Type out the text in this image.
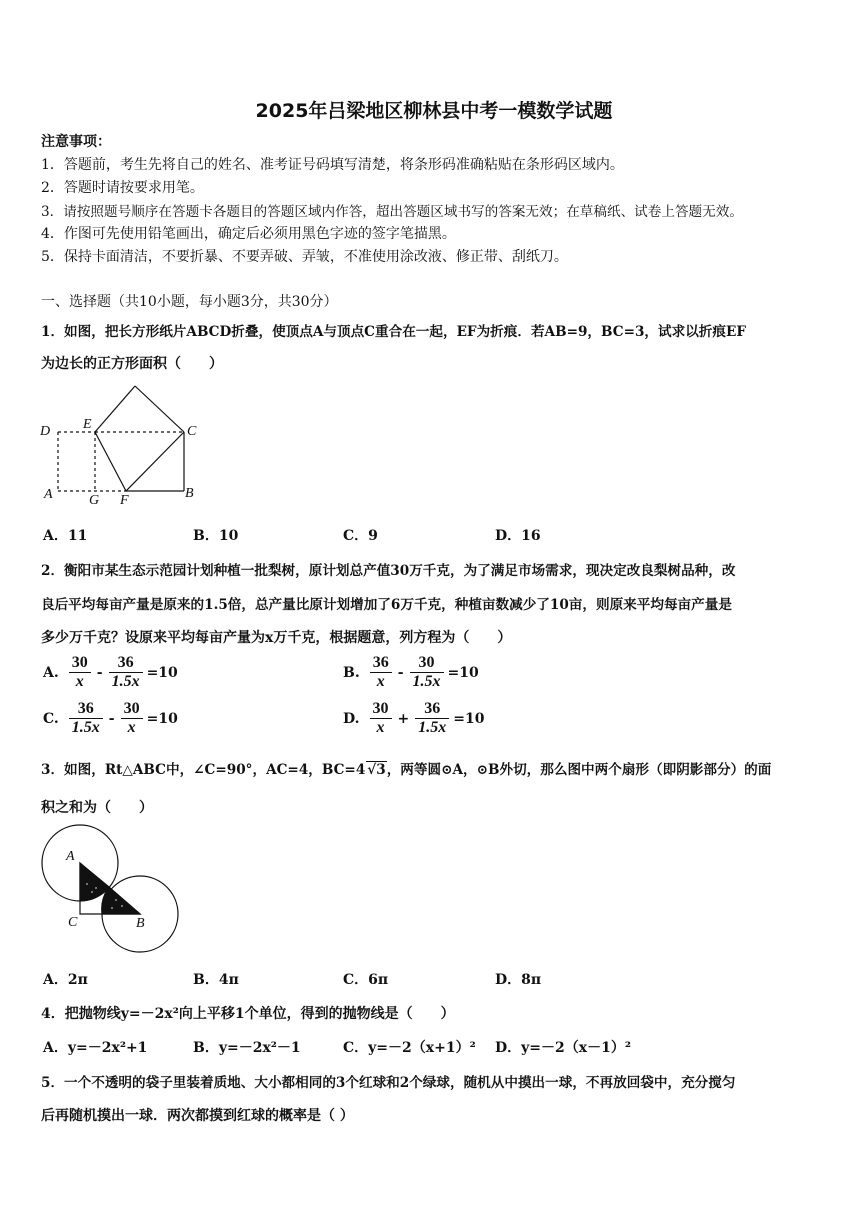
2025年吕梁地区柳林县中考一模数学试题
注意事项：
1．答题前，考生先将自己的姓名、准考证号码填写清楚，将条形码准确粘贴在条形码区域内。
2．答题时请按要求用笔。
3．请按照题号顺序在答题卡各题目的答题区域内作答，超出答题区域书写的答案无效；在草稿纸、试卷上答题无效。
4．作图可先使用铅笔画出，确定后必须用黑色字迹的签字笔描黑。
5．保持卡面清洁，不要折暴、不要弄破、弄皱，不准使用涂改液、修正带、刮纸刀。
一、选择题（共10小题，每小题3分，共30分）
1．如图，把长方形纸片ABCD折叠，使顶点A与顶点C重合在一起，EF为折痕．若AB=9，BC=3，试求以折痕EF
为边长的正方形面积（　　）
D E	C
A	G F	B
A．11	B．10	C．9	D．16
2．衡阳市某生态示范园计划种植一批梨树，原计划总产值30万千克，为了满足市场需求，现决定改良梨树品种，改
良后平均每亩产量是原来的1.5倍，总产量比原计划增加了6万千克，种植亩数减少了10亩，则原来平均每亩产量是
多少万千克？设原来平均每亩产量为x万千克，根据题意，列方程为（　　）
A. $\frac{30}{x} - \frac{36}{1.5x} =10$	B. $\frac{36}{x} - \frac{30}{1.5x} =10$
C. $\frac{36}{1.5x} - \frac{30}{x} =10$	D. $\frac{30}{x} + \frac{36}{1.5x} =10$
3．如图，Rt△ABC中，∠C=90°，AC=4，BC=4 √3，两等圆⊙A，⊙B外切，那么图中两个扇形（即阴影部分）的面
积之和为（　　）
A
C	B
A．2π	B．4π	C．6π	D．8π
4．把抛物线y=－2x²向上平移1个单位，得到的抛物线是（　　）
A．y=－2x²+1	B．y=－2x²－1	C．y=－2（x+1）² D．y=－2（x－1）²
5．一个不透明的袋子里装着质地、大小都相同的3个红球和2个绿球，随机从中摸出一球，不再放回袋中，充分搅匀
后再随机摸出一球．两次都摸到红球的概率是（ ）
